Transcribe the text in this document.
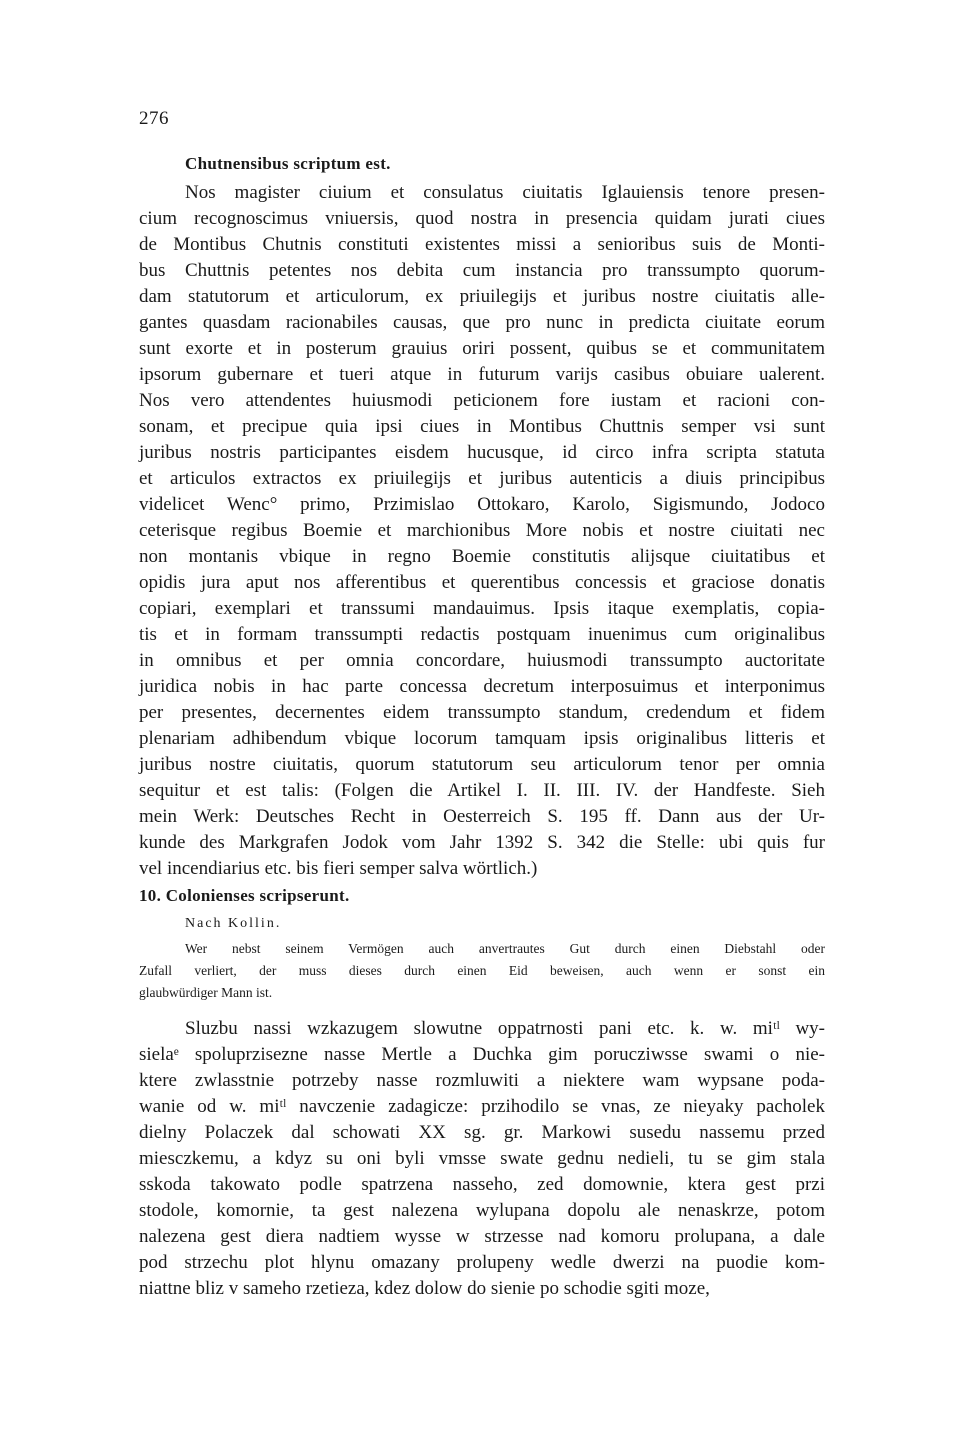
276
Chutnensibus scriptum est.
Nos magister ciuium et consulatus ciuitatis Iglauiensis tenore presen-
cium recognoscimus vniuersis, quod nostra in presencia quidam jurati ciues
de Montibus Chutnis constituti existentes missi a senioribus suis de Monti-
bus Chuttnis petentes nos debita cum instancia pro transsumpto quorum-
dam statutorum et articulorum, ex priuilegijs et juribus nostre ciuitatis alle-
gantes quasdam racionabiles causas, que pro nunc in predicta ciuitate eorum
sunt exorte et in posterum grauius oriri possent, quibus se et communitatem
ipsorum gubernare et tueri atque in futurum varijs casibus obuiare ualerent.
Nos vero attendentes huiusmodi peticionem fore iustam et racioni con-
sonam, et precipue quia ipsi ciues in Montibus Chuttnis semper vsi sunt
juribus nostris participantes eisdem hucusque, id circo infra scripta statuta
et articulos extractos ex priuilegijs et juribus autenticis a diuis principibus
videlicet Wenc° primo, Przimislao Ottokaro, Karolo, Sigismundo, Jodoco
ceterisque regibus Boemie et marchionibus More nobis et nostre ciuitati nec
non montanis vbique in regno Boemie constitutis alijsque ciuitatibus et
opidis jura aput nos afferentibus et querentibus concessis et graciose donatis
copiari, exemplari et transsumi mandauimus. Ipsis itaque exemplatis, copia-
tis et in formam transsumpti redactis postquam inuenimus cum originalibus
in omnibus et per omnia concordare, huiusmodi transsumpto auctoritate
juridica nobis in hac parte concessa decretum interposuimus et interponimus
per presentes, decernentes eidem transsumpto standum, credendum et fidem
plenariam adhibendum vbique locorum tamquam ipsis originalibus litteris et
juribus nostre ciuitatis, quorum statutorum seu articulorum tenor per omnia
sequitur et est talis: (Folgen die Artikel I. II. III. IV. der Handfeste. Sieh
mein Werk: Deutsches Recht in Oesterreich S. 195 ff. Dann aus der Ur-
kunde des Markgrafen Jodok vom Jahr 1392 S. 342 die Stelle: ubi quis fur
vel incendiarius etc. bis fieri semper salva wörtlich.)
10. Colonienses scripserunt.
Nach Kollin.
Wer nebst seinem Vermögen auch anvertrautes Gut durch einen Diebstahl oder
Zufall verliert, der muss dieses durch einen Eid beweisen, auch wenn er sonst ein
glaubwürdiger Mann ist.
Sluzbu nassi wzkazugem slowutne oppatrnosti pani etc. k. w. miᵗˡ wy-
sielaᵉ spoluprzisezne nasse Mertle a Duchka gim porucziwsse swami o nie-
ktere zwlasstnie potrzeby nasse rozmluwiti a niektere wam wypsane poda-
wanie od w. miᵗˡ navczenie zadagicze: przihodilo se vnas, ze nieyaky pacholek
dielny Polaczek dal schowati XX sg. gr. Markowi susedu nassemu przed
miesczkemu, a kdyz su oni byli vmsse swate gednu nedieli, tu se gim stala
sskoda takowato podle spatrzena nasseho, zed domownie, ktera gest przi
stodole, komornie, ta gest nalezena wylupana dopolu ale nenaskrze, potom
nalezena gest diera nadtiem wysse w strzesse nad komoru prolupana, a dale
pod strzechu plot hlynu omazany prolupeny wedle dwerzi na puodie kom-
niattne bliz v sameho rzetieza, kdez dolow do sienie po schodie sgiti moze,
